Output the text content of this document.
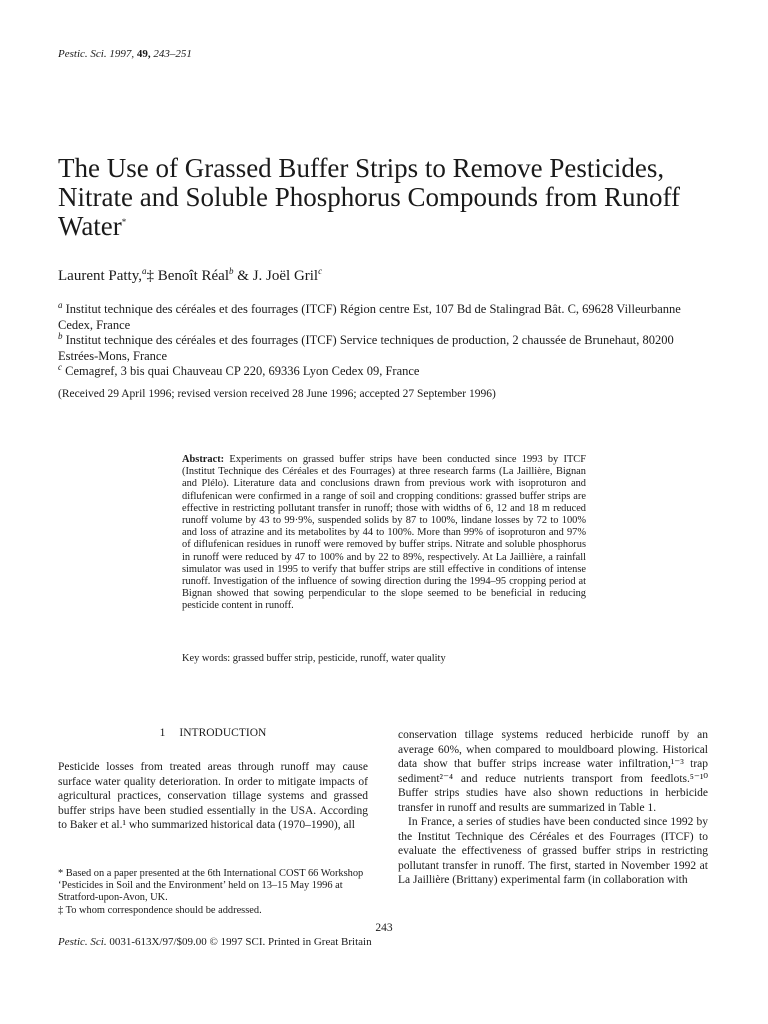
Pestic. Sci. 1997, 49, 243–251
The Use of Grassed Buffer Strips to Remove Pesticides, Nitrate and Soluble Phosphorus Compounds from Runoff Water*
Laurent Patty,$^a$‡ Benoît Réal$^b$ & J. Joël Gril$^c$
$^a$ Institut technique des céréales et des fourrages (ITCF) Région centre Est, 107 Bd de Stalingrad Bât. C, 69628 Villeurbanne Cedex, France
$^b$ Institut technique des céréales et des fourrages (ITCF) Service techniques de production, 2 chaussée de Brunehaut, 80200 Estrées-Mons, France
$^c$ Cemagref, 3 bis quai Chauveau CP 220, 69336 Lyon Cedex 09, France
(Received 29 April 1996; revised version received 28 June 1996; accepted 27 September 1996)
Abstract: Experiments on grassed buffer strips have been conducted since 1993 by ITCF (Institut Technique des Céréales et des Fourrages) at three research farms (La Jaillière, Bignan and Plélo). Literature data and conclusions drawn from previous work with isoproturon and diflufenican were confirmed in a range of soil and cropping conditions: grassed buffer strips are effective in restricting pollutant transfer in runoff; those with widths of 6, 12 and 18 m reduced runoff volume by 43 to 99·9%, suspended solids by 87 to 100%, lindane losses by 72 to 100% and loss of atrazine and its metabolites by 44 to 100%. More than 99% of isoproturon and 97% of diflufenican residues in runoff were removed by buffer strips. Nitrate and soluble phosphorus in runoff were reduced by 47 to 100% and by 22 to 89%, respectively. At La Jaillière, a rainfall simulator was used in 1995 to verify that buffer strips are still effective in conditions of intense runoff. Investigation of the influence of sowing direction during the 1994–95 cropping period at Bignan showed that sowing perpendicular to the slope seemed to be beneficial in reducing pesticide content in runoff.
Key words: grassed buffer strip, pesticide, runoff, water quality
1 INTRODUCTION
Pesticide losses from treated areas through runoff may cause surface water quality deterioration. In order to mitigate impacts of agricultural practices, conservation tillage systems and grassed buffer strips have been studied essentially in the USA. According to Baker et al.¹ who summarized historical data (1970–1990), all

conservation tillage systems reduced herbicide runoff by an average 60%, when compared to mouldboard plowing. Historical data show that buffer strips increase water infiltration,¹⁻³ trap sediment²⁻⁴ and reduce nutrients transport from feedlots.⁵⁻¹⁰ Buffer strips studies have also shown reductions in herbicide transfer in runoff and results are summarized in Table 1.

In France, a series of studies have been conducted since 1992 by the Institut Technique des Céréales et des Fourrages (ITCF) to evaluate the effectiveness of grassed buffer strips in restricting pollutant transfer in runoff. The first, started in November 1992 at La Jaillière (Brittany) experimental farm (in collaboration with

* Based on a paper presented at the 6th International COST 66 Workshop ‘Pesticides in Soil and the Environment’ held on 13–15 May 1996 at Stratford-upon-Avon, UK.
‡ To whom correspondence should be addressed.
243
Pestic. Sci. 0031-613X/97/$09.00 © 1997 SCI. Printed in Great Britain
